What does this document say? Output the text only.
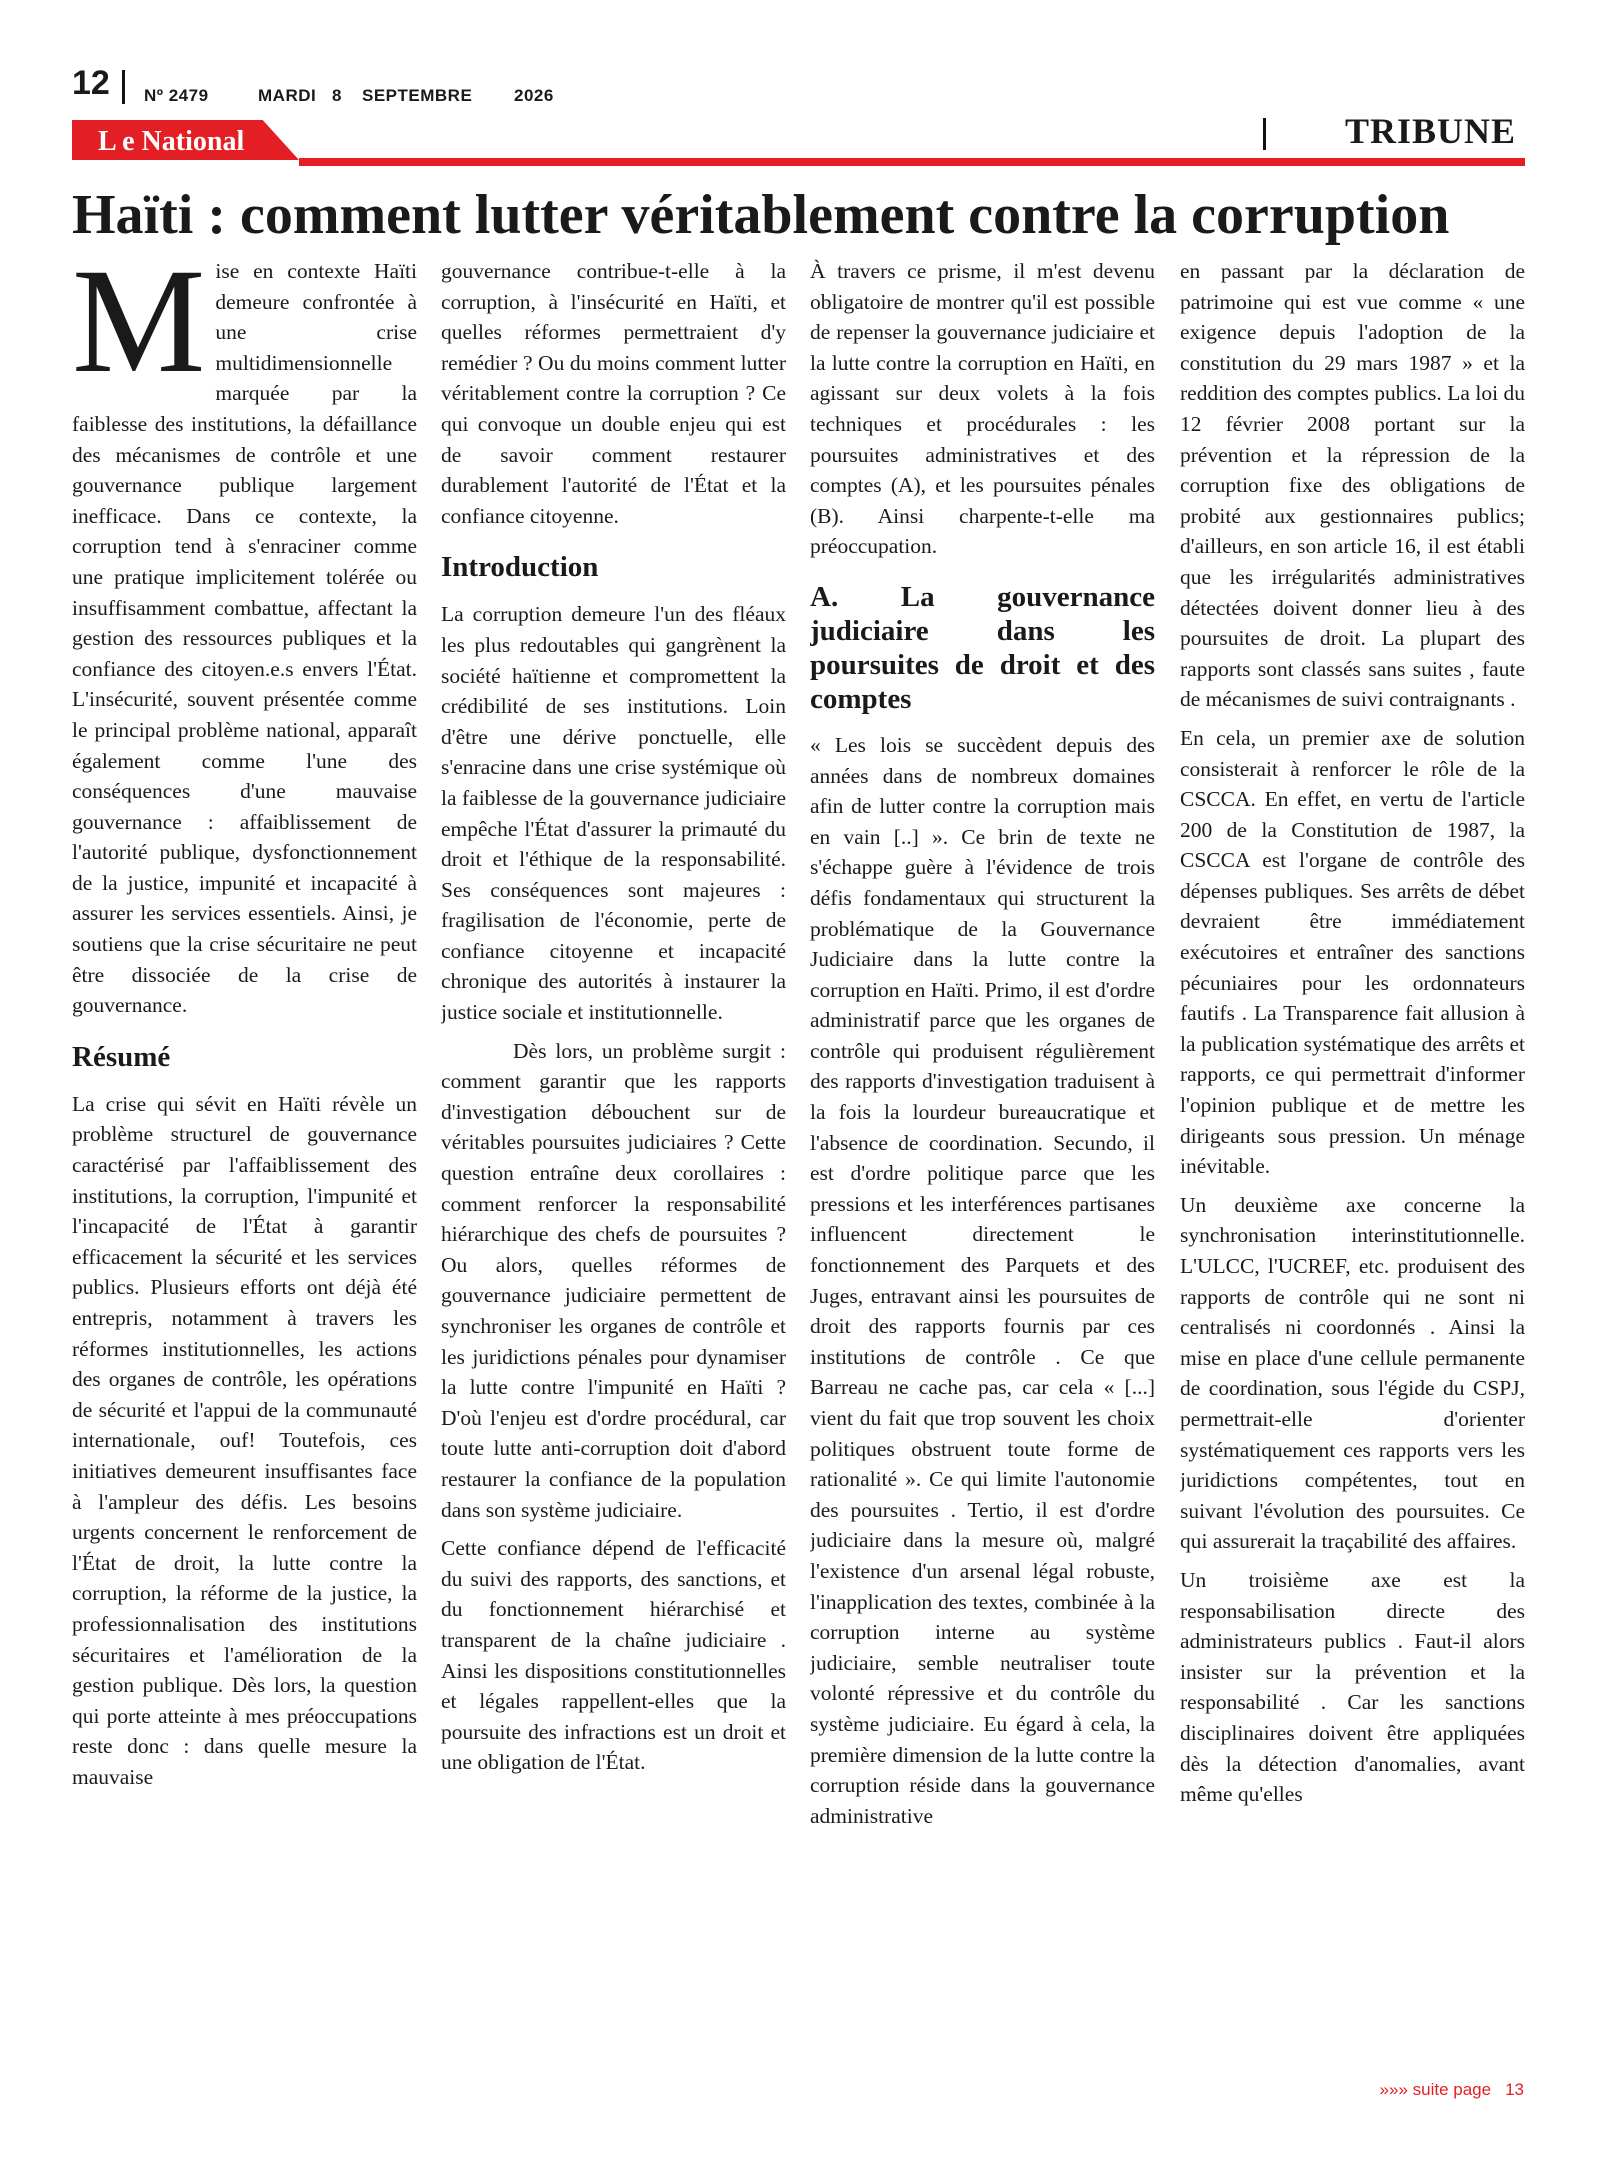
12 Nº 2479	MARDI 8 SEPTEMBRE 2026
L e National	TRIBUNE
Haïti : comment lutter véritablement contre la corruption

Mise en contexte Haïti demeure confrontée à une crise multidimensionnelle marquée par la faiblesse des institutions, la défaillance des mécanismes de contrôle et une gouvernance publique largement inefficace. Dans ce contexte, la corruption tend à s'enraciner comme une pratique implicitement tolérée ou insuffisamment combattue, affectant la gestion des ressources publiques et la confiance des citoyen.e.s envers l'État. L'insécurité, souvent présentée comme le principal problème national, apparaît également comme l'une des conséquences d'une mauvaise gouvernance : affaiblissement de l'autorité publique, dysfonctionnement de la justice, impunité et incapacité à assurer les services essentiels. Ainsi, je soutiens que la crise sécuritaire ne peut être dissociée de la crise de gouvernance.

Résumé

La crise qui sévit en Haïti révèle un problème structurel de gouvernance caractérisé par l'affaiblissement des institutions, la corruption, l'impunité et l'incapacité de l'État à garantir efficacement la sécurité et les services publics. Plusieurs efforts ont déjà été entrepris, notamment à travers les réformes institutionnelles, les actions des organes de contrôle, les opérations de sécurité et l'appui de la communauté internationale, ouf! Toutefois, ces initiatives demeurent insuffisantes face à l'ampleur des défis. Les besoins urgents concernent le renforcement de l'État de droit, la lutte contre la corruption, la réforme de la justice, la professionnalisation des institutions sécuritaires et l'amélioration de la gestion publique. Dès lors, la question qui porte atteinte à mes préoccupations reste donc : dans quelle mesure la mauvaise

gouvernance contribue-t-elle à la corruption, à l'insécurité en Haïti, et quelles réformes permettraient d'y remédier ? Ou du moins comment lutter véritablement contre la corruption ? Ce qui convoque un double enjeu qui est de savoir comment restaurer durablement l'autorité de l'État et la confiance citoyenne.

Introduction

La corruption demeure l'un des fléaux les plus redoutables qui gangrènent la société haïtienne et compromettent la crédibilité de ses institutions. Loin d'être une dérive ponctuelle, elle s'enracine dans une crise systémique où la faiblesse de la gouvernance judiciaire empêche l'État d'assurer la primauté du droit et l'éthique de la responsabilité. Ses conséquences sont majeures : fragilisation de l'économie, perte de confiance citoyenne et incapacité chronique des autorités à instaurer la justice sociale et institutionnelle.

Dès lors, un problème surgit : comment garantir que les rapports d'investigation débouchent sur de véritables poursuites judiciaires ? Cette question entraîne deux corollaires : comment renforcer la responsabilité hiérarchique des chefs de poursuites ? Ou alors, quelles réformes de gouvernance judiciaire permettent de synchroniser les organes de contrôle et les juridictions pénales pour dynamiser la lutte contre l'impunité en Haïti ? D'où l'enjeu est d'ordre procédural, car toute lutte anti-corruption doit d'abord restaurer la confiance de la population dans son système judiciaire.

Cette confiance dépend de l'efficacité du suivi des rapports, des sanctions, et du fonctionnement hiérarchisé et transparent de la chaîne judiciaire . Ainsi les dispositions constitutionnelles et légales rappellent-elles que la poursuite des infractions est un droit et une obligation de l'État.

À travers ce prisme, il m'est devenu obligatoire de montrer qu'il est possible de repenser la gouvernance judiciaire et la lutte contre la corruption en Haïti, en agissant sur deux volets à la fois techniques et procédurales : les poursuites administratives et des comptes (A), et les poursuites pénales (B). Ainsi charpente-t-elle ma préoccupation.

A. La gouvernance judiciaire dans les poursuites de droit et des comptes

« Les lois se succèdent depuis des années dans de nombreux domaines afin de lutter contre la corruption mais en vain [..] ». Ce brin de texte ne s'échappe guère à l'évidence de trois défis fondamentaux qui structurent la problématique de la Gouvernance Judiciaire dans la lutte contre la corruption en Haïti. Primo, il est d'ordre administratif parce que les organes de contrôle qui produisent régulièrement des rapports d'investigation traduisent à la fois la lourdeur bureaucratique et l'absence de coordination. Secundo, il est d'ordre politique parce que les pressions et les interférences partisanes influencent directement le fonctionnement des Parquets et des Juges, entravant ainsi les poursuites de droit des rapports fournis par ces institutions de contrôle . Ce que Barreau ne cache pas, car cela « [...] vient du fait que trop souvent les choix politiques obstruent toute forme de rationalité ». Ce qui limite l'autonomie des poursuites . Tertio, il est d'ordre judiciaire dans la mesure où, malgré l'existence d'un arsenal légal robuste, l'inapplication des textes, combinée à la corruption interne au système judiciaire, semble neutraliser toute volonté répressive et du contrôle du système judiciaire. Eu égard à cela, la première dimension de la lutte contre la corruption réside dans la gouvernance administrative

en passant par la déclaration de patrimoine qui est vue comme « une exigence depuis l'adoption de la constitution du 29 mars 1987 » et la reddition des comptes publics. La loi du 12 février 2008 portant sur la prévention et la répression de la corruption fixe des obligations de probité aux gestionnaires publics; d'ailleurs, en son article 16, il est établi que les irrégularités administratives détectées doivent donner lieu à des poursuites de droit. La plupart des rapports sont classés sans suites , faute de mécanismes de suivi contraignants .

En cela, un premier axe de solution consisterait à renforcer le rôle de la CSCCA. En effet, en vertu de l'article 200 de la Constitution de 1987, la CSCCA est l'organe de contrôle des dépenses publiques. Ses arrêts de débet devraient être immédiatement exécutoires et entraîner des sanctions pécuniaires pour les ordonnateurs fautifs . La Transparence fait allusion à la publication systématique des arrêts et rapports, ce qui permettrait d'informer l'opinion publique et de mettre les dirigeants sous pression. Un ménage inévitable.

Un deuxième axe concerne la synchronisation interinstitutionnelle. L'ULCC, l'UCREF, etc. produisent des rapports de contrôle qui ne sont ni centralisés ni coordonnés . Ainsi la mise en place d'une cellule permanente de coordination, sous l'égide du CSPJ, permettrait-elle d'orienter systématiquement ces rapports vers les juridictions compétentes, tout en suivant l'évolution des poursuites. Ce qui assurerait la traçabilité des affaires.

Un troisième axe est la responsabilisation directe des administrateurs publics . Faut-il alors insister sur la prévention et la responsabilité . Car les sanctions disciplinaires doivent être appliquées dès la détection d'anomalies, avant même qu'elles

»»» suite page 13
